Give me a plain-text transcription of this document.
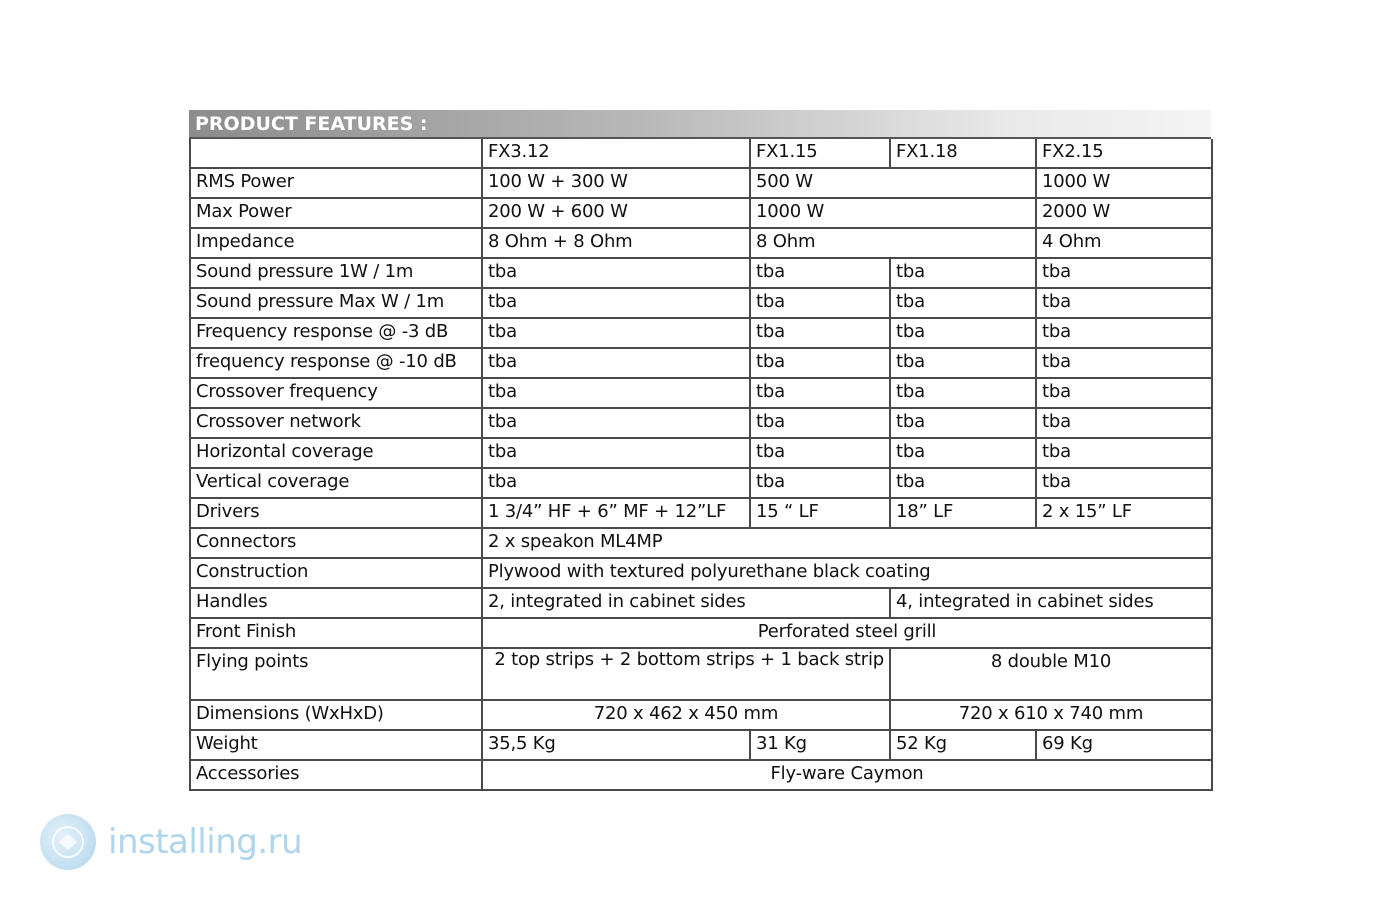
PRODUCT FEATURES :
	FX3.12	FX1.15	FX1.18	FX2.15
RMS Power	100 W + 300 W	500 W		1000 W
Max Power	200 W + 600 W	1000 W		2000 W
Impedance	8 Ohm + 8 Ohm	8 Ohm		4 Ohm
Sound pressure 1W / 1m	tba	tba	tba	tba
Sound pressure Max W / 1m	tba	tba	tba	tba
Frequency response @ -3 dB	tba	tba	tba	tba
frequency response @ -10 dB	tba	tba	tba	tba
Crossover frequency	tba	tba	tba	tba
Crossover network	tba	tba	tba	tba
Horizontal coverage	tba	tba	tba	tba
Vertical coverage	tba	tba	tba	tba
Drivers	1 3/4” HF + 6” MF + 12”LF	15 “ LF	18” LF	2 x 15” LF
Connectors	2 x speakon ML4MP			
Construction	Plywood with textured polyurethane black coating			
Handles	2, integrated in cabinet sides		4, integrated in cabinet sides	
Front Finish	Perforated steel grill			
Flying points	2 top strips + 2 bottom strips + 1 back strip		8 double M10	
Dimensions (WxHxD)	720 x 462 x 450 mm		720 x 610 x 740 mm	
Weight	35,5 Kg	31 Kg	52 Kg	69 Kg
Accessories	Fly-ware Caymon			
installing.ru
